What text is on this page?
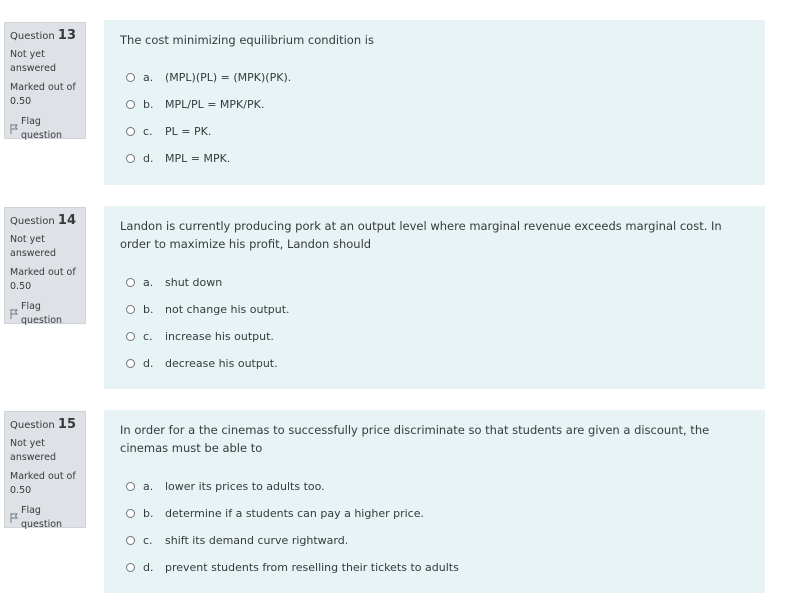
Question 13
Not yet answered
Marked out of 0.50
Flag question

The cost minimizing equilibrium condition is

a.	(MPL)(PL) = (MPK)(PK).
b.	MPL/PL = MPK/PK.
c.	PL = PK.
d.	MPL = MPK.
Question 14
Not yet answered
Marked out of 0.50
Flag question

Landon is currently producing pork at an output level where marginal revenue exceeds marginal cost. In order to maximize his profit, Landon should

a.	shut down
b.	not change his output.
c.	increase his output.
d.	decrease his output.
Question 15
Not yet answered
Marked out of 0.50
Flag question

In order for a the cinemas to successfully price discriminate so that students are given a discount, the cinemas must be able to

a.	lower its prices to adults too.
b.	determine if a students can pay a higher price.
c.	shift its demand curve rightward.
d.	prevent students from reselling their tickets to adults
